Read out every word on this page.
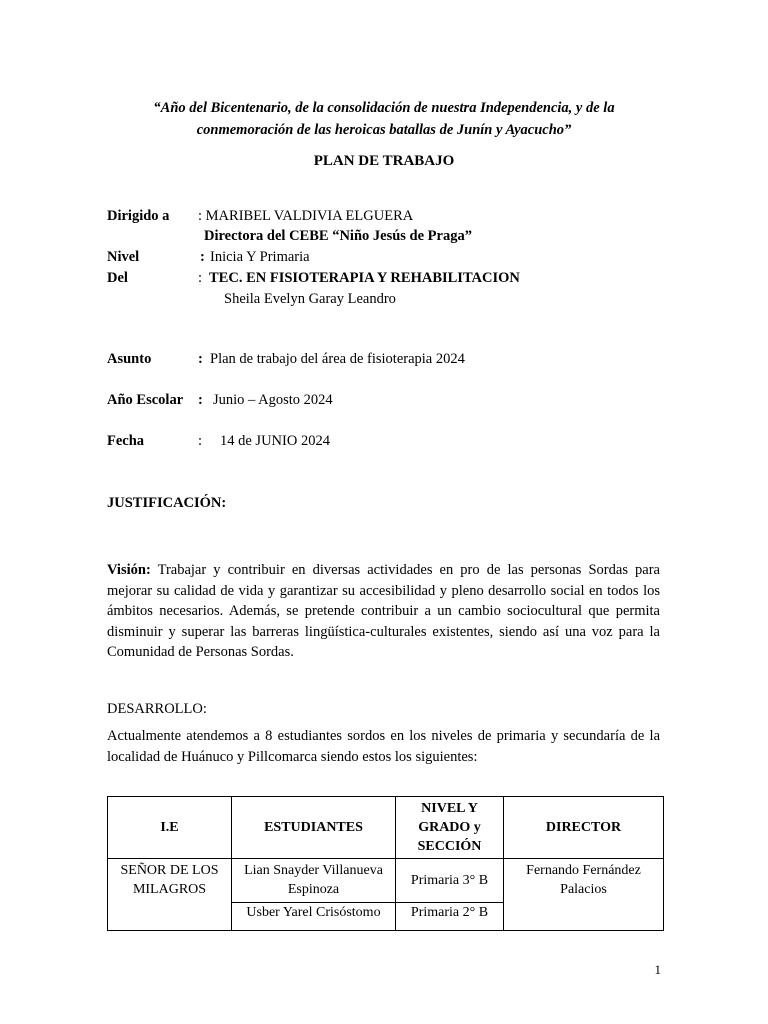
“Año del Bicentenario, de la consolidación de nuestra Independencia, y de la
conmemoración de las heroicas batallas de Junín y Ayacucho”
PLAN DE TRABAJO
Dirigido a : MARIBEL VALDIVIA ELGUERA
Directora del CEBE “Niño Jesús de Praga”
Nivel	: Inicia Y Primaria
Del	: TEC. EN FISIOTERAPIA Y REHABILITACION
Sheila Evelyn Garay Leandro
Asunto	: Plan de trabajo del área de fisioterapia 2024
Año Escolar : Junio – Agosto 2024
Fecha	: 14 de JUNIO 2024
JUSTIFICACIÓN:
Visión: Trabajar y contribuir en diversas actividades en pro de las personas Sordas para mejorar su calidad de vida y garantizar su accesibilidad y pleno desarrollo social en todos los ámbitos necesarios. Además, se pretende contribuir a un cambio sociocultural que permita disminuir y superar las barreras lingüística-culturales existentes, siendo así una voz para la Comunidad de Personas Sordas.
DESARROLLO:
Actualmente atendemos a 8 estudiantes sordos en los niveles de primaria y secundaría de la localidad de Huánuco y Pillcomarca siendo estos los siguientes:
I.E	ESTUDIANTES	NIVEL Y GRADO y SECCIÓN	DIRECTOR
SEÑOR DE LOS MILAGROS	Lian Snayder Villanueva Espinoza	Primaria 3° B	Fernando Fernández Palacios
	Usber Yarel Crisóstomo	Primaria 2° B	
1
